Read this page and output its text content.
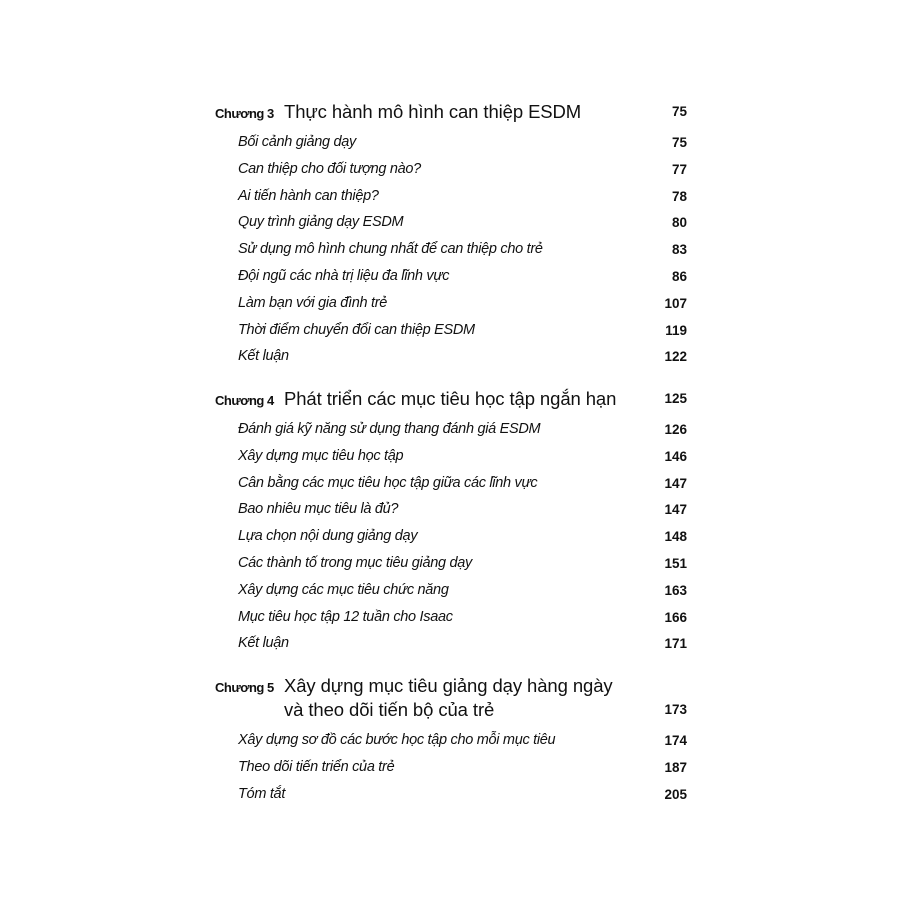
Chương 3 Thực hành mô hình can thiệp ESDM	75
Bối cảnh giảng dạy	75
Can thiệp cho đối tượng nào?	77
Ai tiến hành can thiệp?	78
Quy trình giảng dạy ESDM	80
Sử dụng mô hình chung nhất để can thiệp cho trẻ	83
Đội ngũ các nhà trị liệu đa lĩnh vực	86
Làm bạn với gia đình trẻ	107
Thời điểm chuyển đổi can thiệp ESDM	119
Kết luận	122
Chương 4 Phát triển các mục tiêu học tập ngắn hạn	125
Đánh giá kỹ năng sử dụng thang đánh giá ESDM	126
Xây dựng mục tiêu học tập	146
Cân bằng các mục tiêu học tập giữa các lĩnh vực	147
Bao nhiêu mục tiêu là đủ?	147
Lựa chọn nội dung giảng dạy	148
Các thành tố trong mục tiêu giảng dạy	151
Xây dựng các mục tiêu chức năng	163
Mục tiêu học tập 12 tuần cho Isaac	166
Kết luận	171
Chương 5 Xây dựng mục tiêu giảng dạy hàng ngày
và theo dõi tiến bộ của trẻ	173
Xây dựng sơ đồ các bước học tập cho mỗi mục tiêu	174
Theo dõi tiến triển của trẻ	187
Tóm tắt	205
